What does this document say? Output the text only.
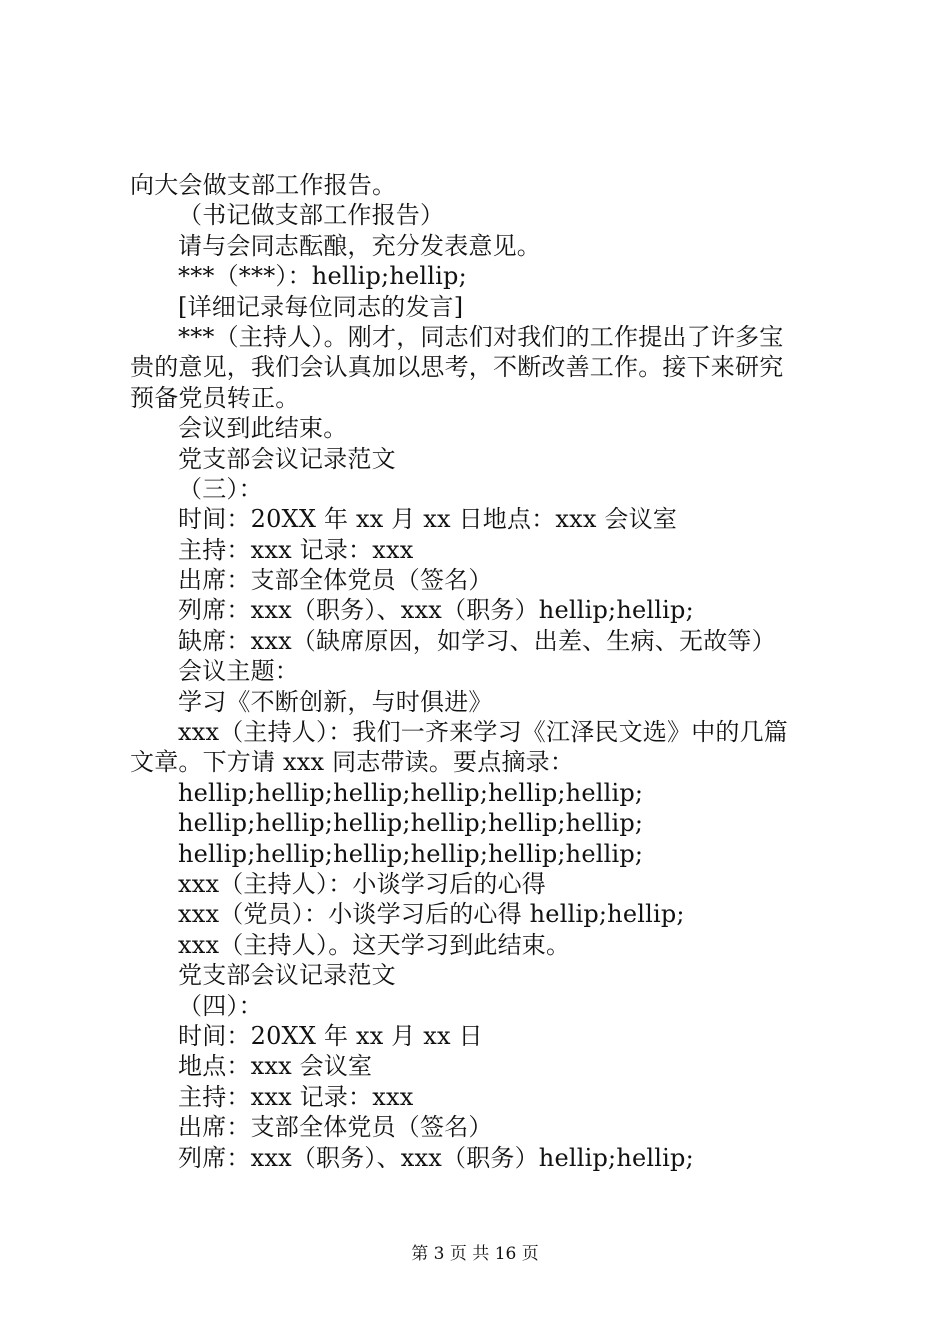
向大会做支部工作报告。
（书记做支部工作报告）
请与会同志酝酿，充分发表意见。
***（***）：hellip;hellip;
[详细记录每位同志的发言]
***（主持人）。刚才，同志们对我们的工作提出了许多宝
贵的意见，我们会认真加以思考，不断改善工作。接下来研究
预备党员转正。
会议到此结束。
党支部会议记录范文
（三）：
时间：20XX 年 xx 月 xx 日地点：xxx 会议室
主持：xxx 记录：xxx
出席：支部全体党员（签名）
列席：xxx（职务）、xxx（职务）hellip;hellip;
缺席：xxx（缺席原因，如学习、出差、生病、无故等）
会议主题：
学习《不断创新，与时俱进》
xxx（主持人）：我们一齐来学习《江泽民文选》中的几篇
文章。下方请 xxx 同志带读。要点摘录：
hellip;hellip;hellip;hellip;hellip;hellip;
hellip;hellip;hellip;hellip;hellip;hellip;
hellip;hellip;hellip;hellip;hellip;hellip;
xxx（主持人）：小谈学习后的心得
xxx（党员）：小谈学习后的心得 hellip;hellip;
xxx（主持人）。这天学习到此结束。
党支部会议记录范文
（四）：
时间：20XX 年 xx 月 xx 日
地点：xxx 会议室
主持：xxx 记录：xxx
出席：支部全体党员（签名）
列席：xxx（职务）、xxx（职务）hellip;hellip;
第 3 页 共 16 页
